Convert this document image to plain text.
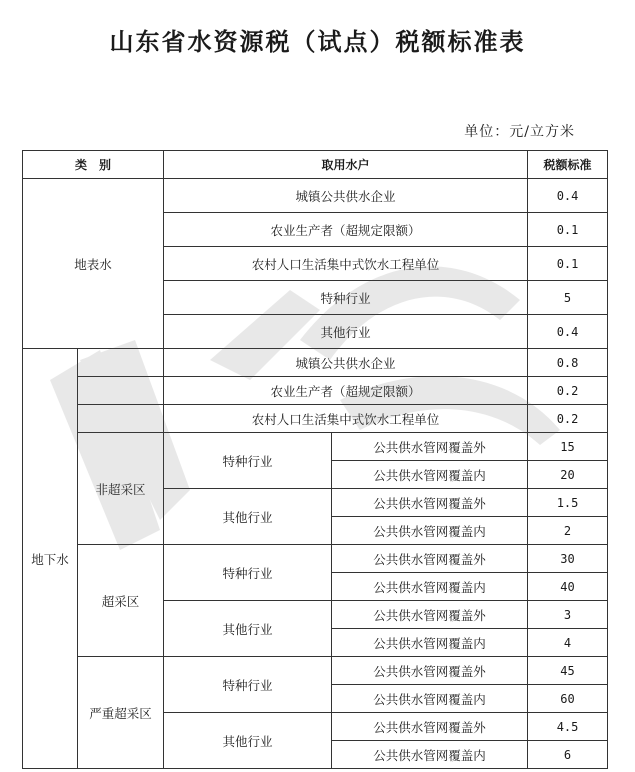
山东省水资源税（试点）税额标准表
单位：元/立方米
类　别		取用水户		税额标准
地表水		城镇公共供水企业		0.4
		农业生产者（超规定限额）		0.1
		农村人口生活集中式饮水工程单位		0.1
		特种行业		5
		其他行业		0.4
地下水		城镇公共供水企业		0.8
		农业生产者（超规定限额）		0.2
		农村人口生活集中式饮水工程单位		0.2
	非超采区	特种行业	公共供水管网覆盖外	15
			公共供水管网覆盖内	20
		其他行业	公共供水管网覆盖外	1.5
			公共供水管网覆盖内	2
	超采区	特种行业	公共供水管网覆盖外	30
			公共供水管网覆盖内	40
		其他行业	公共供水管网覆盖外	3
			公共供水管网覆盖内	4
	严重超采区	特种行业	公共供水管网覆盖外	45
			公共供水管网覆盖内	60
		其他行业	公共供水管网覆盖外	4.5
			公共供水管网覆盖内	6
